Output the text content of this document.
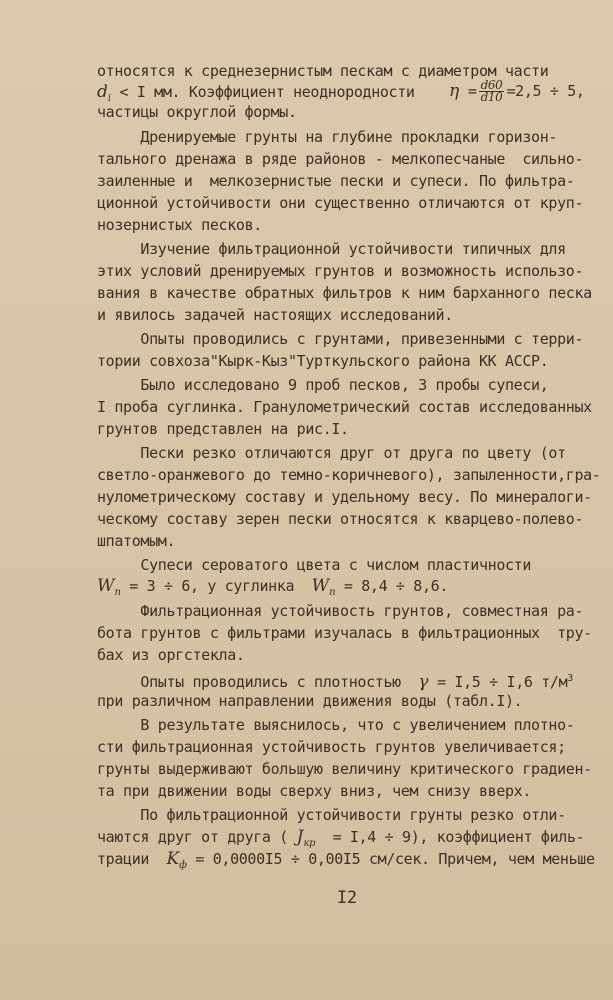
относятся к среднезернистым пескам с диаметром части
$d_i < I$ мм. Коэффициент неоднородности $\eta = \frac{d60}{d10} =2,5 \div 5$,
частицы округлой формы.
Дренируемые грунты на глубине прокладки горизон-
тального дренажа в ряде районов - мелкопесчаные  сильно-
заиленные и  мелкозернистые пески и супеси. По фильтра-
ционной устойчивости они существенно отличаются от круп-
нозернистых песков.
Изучение фильтрационной устойчивости типичных для
этих условий дренируемых грунтов и возможность использо-
вания в качестве обратных фильтров к ним барханного песка
и явилось задачей настоящих исследований.
Опыты проводились с грунтами, привезенными с терри-
тории совхоза"Кырк-Кыз"Турткульского района КК АССР.
Было исследовано 9 проб песков, 3 пробы супеси,
I проба суглинка. Гранулометрический состав исследованных
грунтов представлен на рис.I.
Пески резко отличаются друг от друга по цвету (от
светло-оранжевого до темно-коричневого), запыленности,гра-
нулометрическому составу и удельному весу. По минералоги-
ческому составу зерен пески относятся к кварцево-полево-
шпатомым.
Супеси сероватого цвета с числом пластичности
$W_п = 3 \div 6$, у суглинка $W_п = 8,4 \div 8,6$.
Фильтрационная устойчивость грунтов, совместная ра-
бота грунтов с фильтрами изучалась в фильтрационных  тру-
бах из оргстекла.
Опыты проводились с плотностью γ = I,5 ÷ I,6 $т/м^3$
при различном направлении движения воды (табл.I).
В результате выяснилось, что с увеличением плотно-
сти фильтрационная устойчивость грунтов увеличивается;
грунты выдерживают большую величину критического градиен-
та при движении воды сверху вниз, чем снизу вверх.
По фильтрационной устойчивости грунты резко отли-
чаются друг от друга ( $Ј_{кр} = I,4 \div 9$), коэффициент филь-
трации $K_ф = 0,0000I5 \div 0,00I5$ см/сек. Причем, чем меньше
I2
